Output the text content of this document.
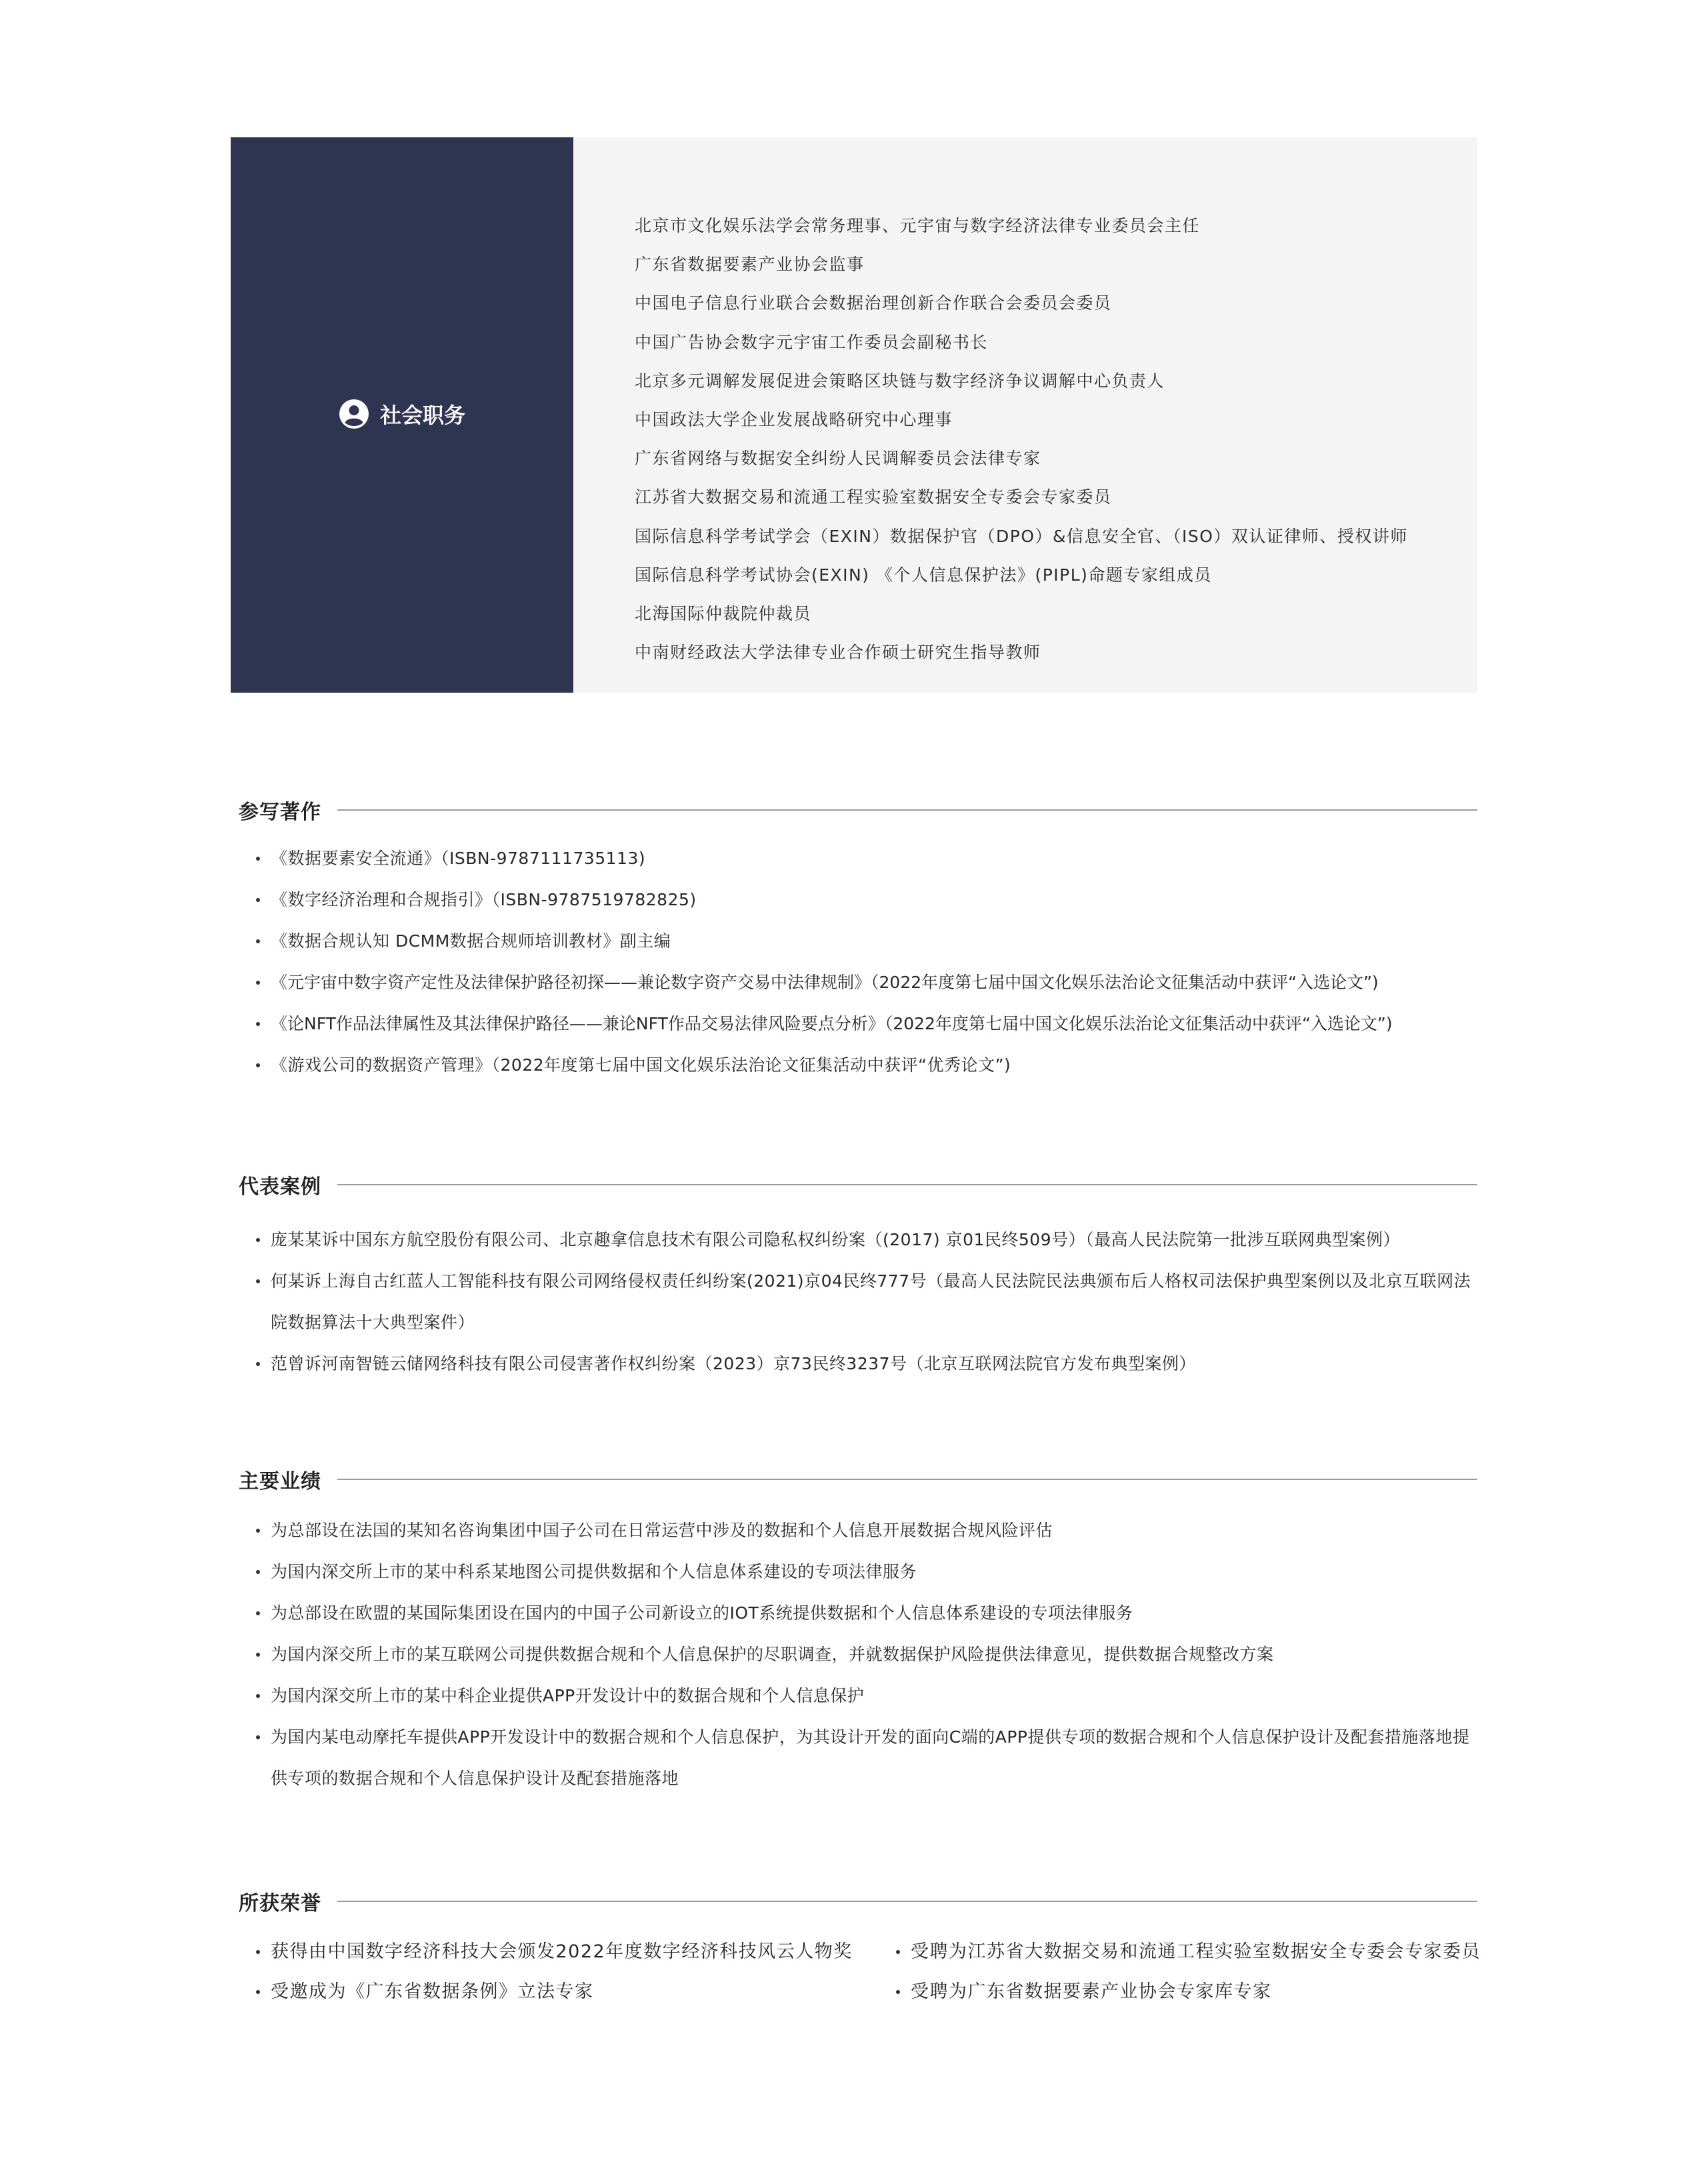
社会职务
北京市文化娱乐法学会常务理事、元宇宙与数字经济法律专业委员会主任
广东省数据要素产业协会监事
中国电子信息行业联合会数据治理创新合作联合会委员会委员
中国广告协会数字元宇宙工作委员会副秘书长
北京多元调解发展促进会策略区块链与数字经济争议调解中心负责人
中国政法大学企业发展战略研究中心理事
广东省网络与数据安全纠纷人民调解委员会法律专家
江苏省大数据交易和流通工程实验室数据安全专委会专家委员
国际信息科学考试学会（EXIN）数据保护官（DPO）&信息安全官、（ISO）双认证律师、授权讲师
国际信息科学考试协会(EXIN) 《个人信息保护法》(PIPL)命题专家组成员
北海国际仲裁院仲裁员
中南财经政法大学法律专业合作硕士研究生指导教师
参写著作
《数据要素安全流通》（ISBN-9787111735113)
《数字经济治理和合规指引》（ISBN-9787519782825)
《数据合规认知 DCMM数据合规师培训教材》副主编
《元宇宙中数字资产定性及法律保护路径初探——兼论数字资产交易中法律规制》（2022年度第七届中国文化娱乐法治论文征集活动中获评“入选论文”)
《论NFT作品法律属性及其法律保护路径——兼论NFT作品交易法律风险要点分析》（2022年度第七届中国文化娱乐法治论文征集活动中获评“入选论文”)
《游戏公司的数据资产管理》（2022年度第七届中国文化娱乐法治论文征集活动中获评“优秀论文”)
代表案例
庞某某诉中国东方航空股份有限公司、北京趣拿信息技术有限公司隐私权纠纷案（(2017) 京01民终509号）（最高人民法院第一批涉互联网典型案例）
何某诉上海自古红蓝人工智能科技有限公司网络侵权责任纠纷案(2021)京04民终777号（最高人民法院民法典颁布后人格权司法保护典型案例以及北京互联网法院数据算法十大典型案件）
范曾诉河南智链云储网络科技有限公司侵害著作权纠纷案（2023）京73民终3237号（北京互联网法院官方发布典型案例）
主要业绩
为总部设在法国的某知名咨询集团中国子公司在日常运营中涉及的数据和个人信息开展数据合规风险评估
为国内深交所上市的某中科系某地图公司提供数据和个人信息体系建设的专项法律服务
为总部设在欧盟的某国际集团设在国内的中国子公司新设立的IOT系统提供数据和个人信息体系建设的专项法律服务
为国内深交所上市的某互联网公司提供数据合规和个人信息保护的尽职调查，并就数据保护风险提供法律意见，提供数据合规整改方案
为国内深交所上市的某中科企业提供APP开发设计中的数据合规和个人信息保护
为国内某电动摩托车提供APP开发设计中的数据合规和个人信息保护，为其设计开发的面向C端的APP提供专项的数据合规和个人信息保护设计及配套措施落地提供专项的数据合规和个人信息保护设计及配套措施落地
所获荣誉
获得由中国数字经济科技大会颁发2022年度数字经济科技风云人物奖	受聘为江苏省大数据交易和流通工程实验室数据安全专委会专家委员
受邀成为《广东省数据条例》立法专家	受聘为广东省数据要素产业协会专家库专家
